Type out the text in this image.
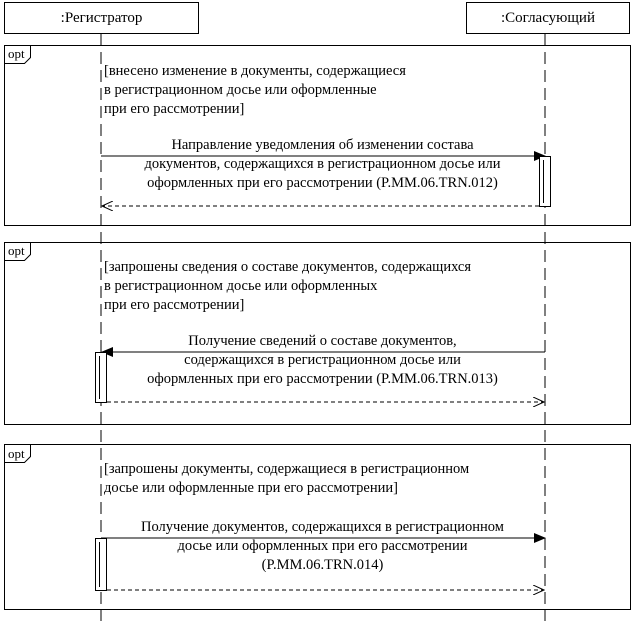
:Регистратор	:Согласующий
opt
[внесено изменение в документы, содержащиеся
в регистрационном досье или оформленные
при его рассмотрении]
Направление уведомления об изменении состава
документов, содержащихся в регистрационном досье или
оформленных при его рассмотрении (P.MM.06.TRN.012)
opt
[запрошены сведения о составе документов, содержащихся
в регистрационном досье или оформленных
при его рассмотрении]
Получение сведений о составе документов,
содержащихся в регистрационном досье или
оформленных при его рассмотрении (P.MM.06.TRN.013)
opt
[запрошены документы, содержащиеся в регистрационном
досье или оформленные при его рассмотрении]
Получение документов, содержащихся в регистрационном
досье или оформленных при его рассмотрении
(P.MM.06.TRN.014)
